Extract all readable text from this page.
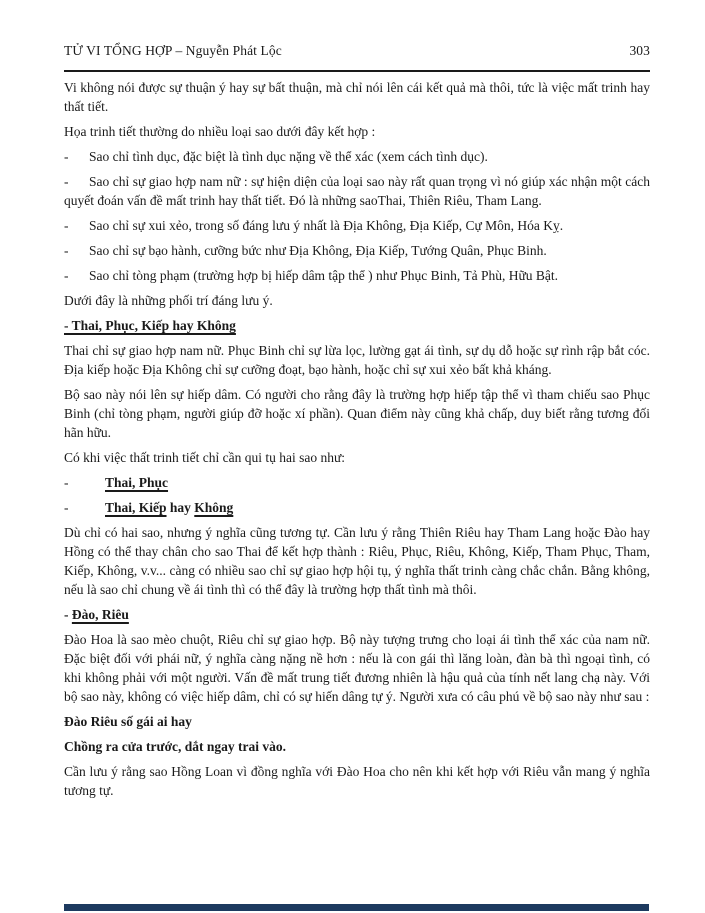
TỬ VI TỔNG HỢP – Nguyễn Phát Lộc	303
Vi không nói được sự thuận ý hay sự bất thuận, mà chỉ nói lên cái kết quả mà thôi, tức là việc mất trinh hay thất tiết.
Họa trinh tiết thường do nhiều loại sao dưới đây kết hợp :
- Sao chỉ tình dục, đặc biệt là tình dục nặng về thể xác (xem cách tình dục).
- Sao chỉ sự giao hợp nam nữ : sự hiện diện của loại sao này rất quan trọng vì nó giúp xác nhận một cách quyết đoán vấn đề mất trinh hay thất tiết. Đó là những saoThai, Thiên Riêu, Tham Lang.
- Sao chỉ sự xui xẻo, trong số đáng lưu ý nhất là Địa Không, Địa Kiếp, Cự Môn, Hóa Kỵ.
- Sao chỉ sự bạo hành, cưỡng bức như Địa Không, Địa Kiếp, Tướng Quân, Phục Binh.
- Sao chỉ tòng phạm (trường hợp bị hiếp dâm tập thể ) như Phục Binh, Tả Phù, Hữu Bật.
Dưới đây là những phối trí đáng lưu ý.
- Thai, Phục, Kiếp hay Không
Thai chỉ sự giao hợp nam nữ. Phục Binh chỉ sự lừa lọc, lường gạt ái tình, sự dụ dỗ hoặc sự rình rập bắt cóc. Địa kiếp hoặc Địa Không chỉ sự cưỡng đoạt, bạo hành, hoặc chỉ sự xui xẻo bất khả kháng.
Bộ sao này nói lên sự hiếp dâm. Có người cho rằng đây là trường hợp hiếp tập thể vì tham chiếu sao Phục Binh (chỉ tòng phạm, người giúp đỡ hoặc xí phần). Quan điểm này cũng khả chấp, duy biết rằng tương đối hãn hữu.
Có khi việc thất trinh tiết chỉ cần qui tụ hai sao như:
-	Thai, Phục
-	Thai, Kiếp hay Không
Dù chỉ có hai sao, nhưng ý nghĩa cũng tương tự. Cần lưu ý rằng Thiên Riêu hay Tham Lang hoặc Đào hay Hồng có thể thay chân cho sao Thai để kết hợp thành : Riêu, Phục, Riêu, Không, Kiếp, Tham Phục, Tham, Kiếp, Không, v.v... càng có nhiều sao chỉ sự giao hợp hội tụ, ý nghĩa thất trinh càng chắc chắn. Bằng không, nếu là sao chỉ chung về ái tình thì có thể đây là trường hợp thất tình mà thôi.
- Đào, Riêu
Đào Hoa là sao mèo chuột, Riêu chỉ sự giao hợp. Bộ này tượng trưng cho loại ái tình thể xác của nam nữ. Đặc biệt đối với phái nữ, ý nghĩa càng nặng nề hơn : nếu là con gái thì lăng loàn, đàn bà thì ngoại tình, có khi không phải với một người. Vấn đề mất trung tiết đương nhiên là hậu quả của tính nết lang chạ này. Với bộ sao này, không có việc hiếp dâm, chỉ có sự hiến dâng tự ý. Người xưa có câu phú về bộ sao này như sau :
Đào Riêu số gái ai hay
Chồng ra cửa trước, dắt ngay trai vào.
Cần lưu ý rằng sao Hồng Loan vì đồng nghĩa với Đào Hoa cho nên khi kết hợp với Riêu vẫn mang ý nghĩa tương tự.
